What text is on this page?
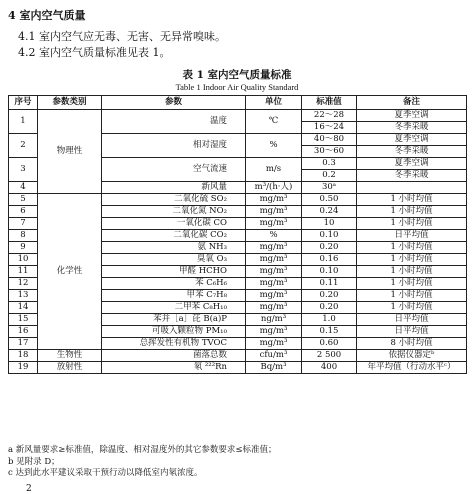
4 室内空气质量
4.1 室内空气应无毒、无害、无异常嗅味。
4.2 室内空气质量标准见表 1。
表 1 室内空气质量标准
Table 1 Indoor Air Quality Standard
序号	参数类别	参数	单位	标准值	备注
1	物理性	温度	℃	22～28	夏季空调
				16～24	冬季采暖
2		相对湿度	%	40～80	夏季空调
				30～60	冬季采暖
3		空气流速	m/s	0.3	夏季空调
				0.2	冬季采暖
4		新风量	m³/(h·人)	30ᵃ	
5	化学性	二氧化硫 SO₂	mg/m³	0.50	1 小时均值
6		二氧化氮 NO₂	mg/m³	0.24	1 小时均值
7		一氧化碳 CO	mg/m³	10	1 小时均值
8		二氧化碳 CO₂	%	0.10	日平均值
9		氨 NH₃	mg/m³	0.20	1 小时均值
10		臭氧 O₃	mg/m³	0.16	1 小时均值
11		甲醛 HCHO	mg/m³	0.10	1 小时均值
12		苯 C₆H₆	mg/m³	0.11	1 小时均值
13		甲苯 C₇H₈	mg/m³	0.20	1 小时均值
14		二甲苯 C₈H₁₀	mg/m³	0.20	1 小时均值
15		苯并［a］芘 B(a)P	ng/m³	1.0	日平均值
16		可吸入颗粒物 PM₁₀	mg/m³	0.15	日平均值
17		总挥发性有机物 TVOC	mg/m³	0.60	8 小时均值
18	生物性	菌落总数	cfu/m³	2 500	依据仪器定ᵇ
19	放射性	氡 ²²²Rn	Bq/m³	400	年平均值（行动水平ᶜ）
a 新风量要求≥标准值，除温度、相对湿度外的其它参数要求≤标准值；
b 见附录 D；
c 达到此水平建议采取干预行动以降低室内氡浓度。
2
